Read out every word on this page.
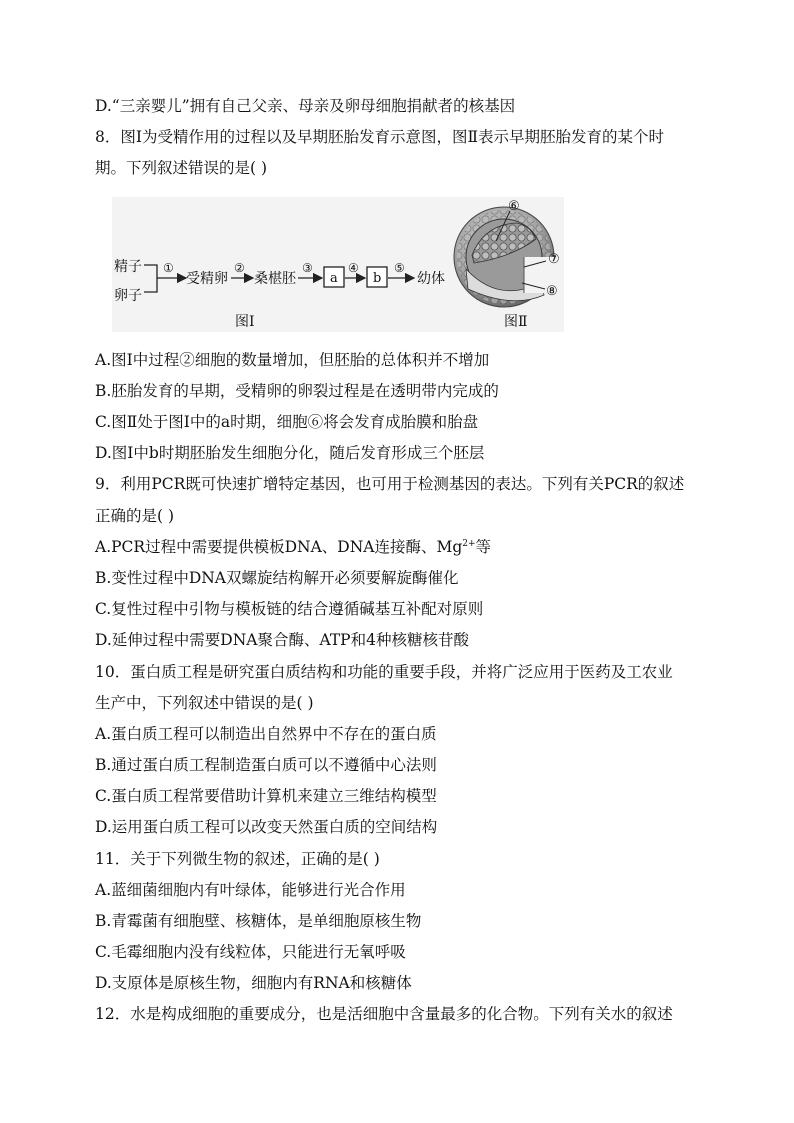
D.“三亲婴儿”拥有自己父亲、母亲及卵母细胞捐献者的核基因
8．图Ⅰ为受精作用的过程以及早期胚胎发育示意图，图Ⅱ表示早期胚胎发育的某个时
期。下列叙述错误的是( )
精子
卵子
①
受精卵
②
桑椹胚
③
a
④
b
⑤
幼体
图Ⅰ
⑥
⑦
⑧
图Ⅱ
A.图Ⅰ中过程②细胞的数量增加，但胚胎的总体积并不增加
B.胚胎发育的早期，受精卵的卵裂过程是在透明带内完成的
C.图Ⅱ处于图Ⅰ中的a时期，细胞⑥将会发育成胎膜和胎盘
D.图Ⅰ中b时期胚胎发生细胞分化，随后发育形成三个胚层
9．利用PCR既可快速扩增特定基因，也可用于检测基因的表达。下列有关PCR的叙述
正确的是( )
A.PCR过程中需要提供模板DNA、DNA连接酶、$Mg^{2+}$等
B.变性过程中DNA双螺旋结构解开必须要解旋酶催化
C.复性过程中引物与模板链的结合遵循碱基互补配对原则
D.延伸过程中需要DNA聚合酶、ATP和4种核糖核苷酸
10．蛋白质工程是研究蛋白质结构和功能的重要手段，并将广泛应用于医药及工农业
生产中，下列叙述中错误的是( )
A.蛋白质工程可以制造出自然界中不存在的蛋白质
B.通过蛋白质工程制造蛋白质可以不遵循中心法则
C.蛋白质工程常要借助计算机来建立三维结构模型
D.运用蛋白质工程可以改变天然蛋白质的空间结构
11．关于下列微生物的叙述，正确的是( )
A.蓝细菌细胞内有叶绿体，能够进行光合作用
B.青霉菌有细胞壁、核糖体，是单细胞原核生物
C.毛霉细胞内没有线粒体，只能进行无氧呼吸
D.支原体是原核生物，细胞内有RNA和核糖体
12．水是构成细胞的重要成分，也是活细胞中含量最多的化合物。下列有关水的叙述
